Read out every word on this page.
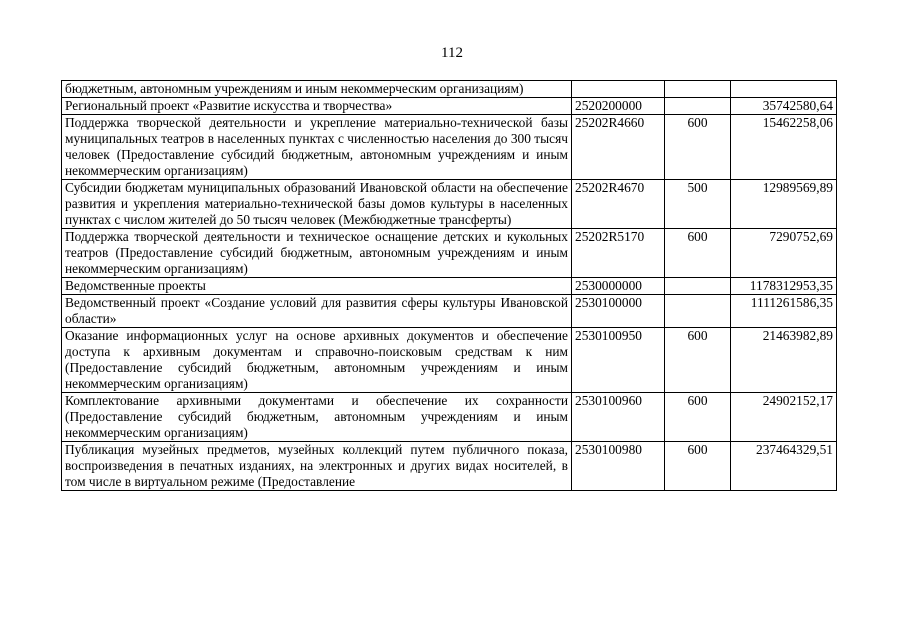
112
бюджетным, автономным учреждениям и иным некоммерческим организациям)			
Региональный проект «Развитие искусства и творчества»	2520200000		35742580,64
Поддержка творческой деятельности и укрепление материально-технической базы муниципальных театров в населенных пунктах с численностью населения до 300 тысяч человек (Предоставление субсидий бюджетным, автономным учреждениям и иным некоммерческим организациям)	25202R4660	600	15462258,06
Субсидии бюджетам муниципальных образований Ивановской области на обеспечение развития и укрепления материально-технической базы домов культуры в населенных пунктах с числом жителей до 50 тысяч человек (Межбюджетные трансферты)	25202R4670	500	12989569,89
Поддержка творческой деятельности и техническое оснащение детских и кукольных театров (Предоставление субсидий бюджетным, автономным учреждениям и иным некоммерческим организациям)	25202R5170	600	7290752,69
Ведомственные проекты	2530000000		1178312953,35
Ведомственный проект «Создание условий для развития сферы культуры Ивановской области»	2530100000		1111261586,35
Оказание информационных услуг на основе архивных документов и обеспечение доступа к архивным документам и справочно-поисковым средствам к ним (Предоставление субсидий бюджетным, автономным учреждениям и иным некоммерческим организациям)	2530100950	600	21463982,89
Комплектование архивными документами и обеспечение их сохранности (Предоставление субсидий бюджетным, автономным учреждениям и иным некоммерческим организациям)	2530100960	600	24902152,17
Публикация музейных предметов, музейных коллекций путем публичного показа, воспроизведения в печатных изданиях, на электронных и других видах носителей, в том числе в виртуальном режиме (Предоставление	2530100980	600	237464329,51
